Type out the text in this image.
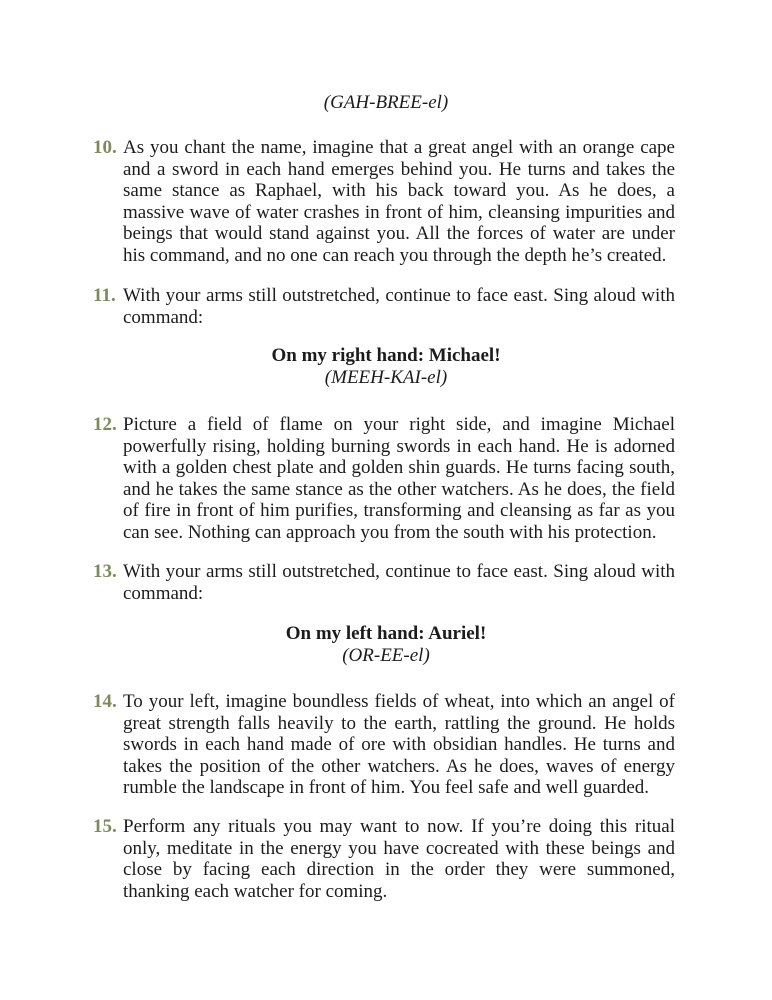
(GAH-BREE-el)
10. As you chant the name, imagine that a great angel with an orange cape and a sword in each hand emerges behind you. He turns and takes the same stance as Raphael, with his back toward you. As he does, a massive wave of water crashes in front of him, cleansing impurities and beings that would stand against you. All the forces of water are under his command, and no one can reach you through the depth he’s created.
11. With your arms still outstretched, continue to face east. Sing aloud with command:
On my right hand: Michael!
(MEEH-KAI-el)
12. Picture a field of flame on your right side, and imagine Michael powerfully rising, holding burning swords in each hand. He is adorned with a golden chest plate and golden shin guards. He turns facing south, and he takes the same stance as the other watchers. As he does, the field of fire in front of him purifies, transforming and cleansing as far as you can see. Nothing can approach you from the south with his protection.
13. With your arms still outstretched, continue to face east. Sing aloud with command:
On my left hand: Auriel!
(OR-EE-el)
14. To your left, imagine boundless fields of wheat, into which an angel of great strength falls heavily to the earth, rattling the ground. He holds swords in each hand made of ore with obsidian handles. He turns and takes the position of the other watchers. As he does, waves of energy rumble the landscape in front of him. You feel safe and well guarded.
15. Perform any rituals you may want to now. If you’re doing this ritual only, meditate in the energy you have cocreated with these beings and close by facing each direction in the order they were summoned, thanking each watcher for coming.
